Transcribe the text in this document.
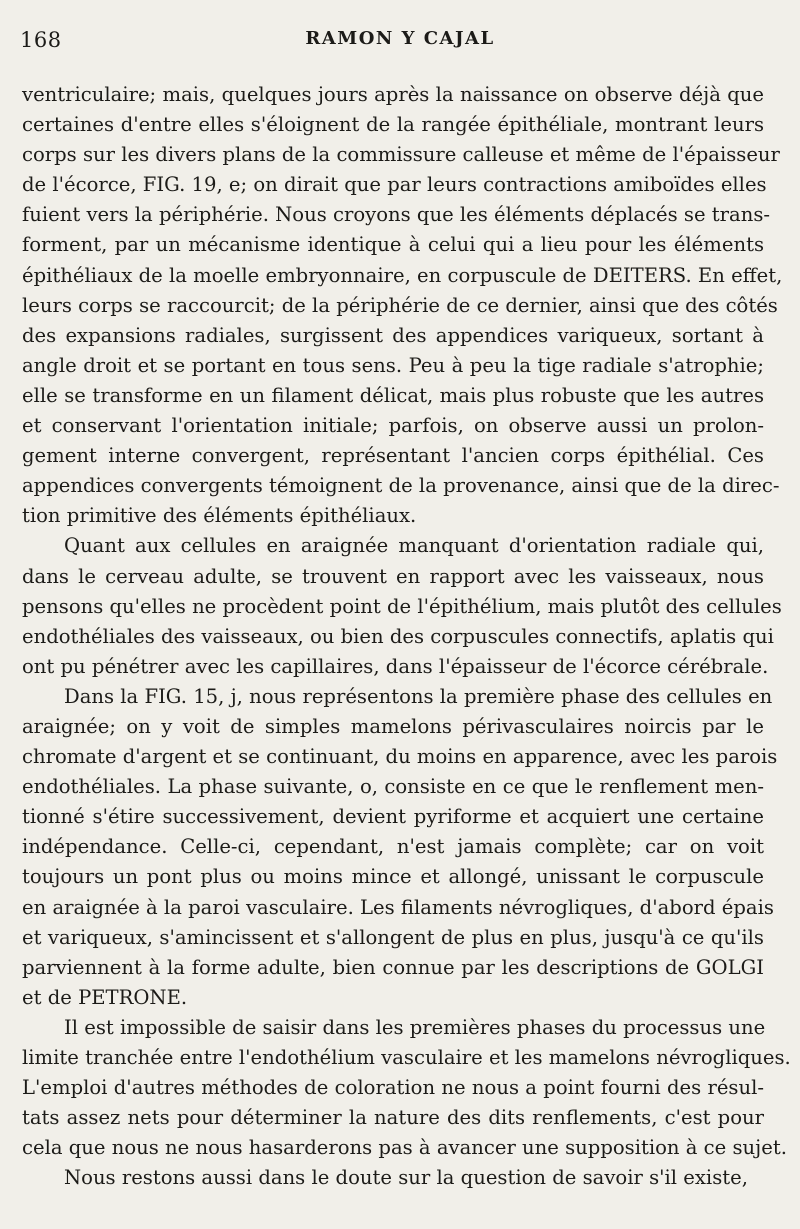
168	RAMON Y CAJAL
ventriculaire; mais, quelques jours après la naissance on observe déjà que
certaines d'entre elles s'éloignent de la rangée épithéliale, montrant leurs
corps sur les divers plans de la commissure calleuse et même de l'épaisseur
de l'écorce, FIG. 19, e; on dirait que par leurs contractions amiboïdes elles
fuient vers la périphérie. Nous croyons que les éléments déplacés se trans-
forment, par un mécanisme identique à celui qui a lieu pour les éléments
épithéliaux de la moelle embryonnaire, en corpuscule de DEITERS. En effet,
leurs corps se raccourcit; de la périphérie de ce dernier, ainsi que des côtés
des expansions radiales, surgissent des appendices variqueux, sortant à
angle droit et se portant en tous sens. Peu à peu la tige radiale s'atrophie;
elle se transforme en un filament délicat, mais plus robuste que les autres
et conservant l'orientation initiale; parfois, on observe aussi un prolon-
gement interne convergent, représentant l'ancien corps épithélial. Ces
appendices convergents témoignent de la provenance, ainsi que de la direc-
tion primitive des éléments épithéliaux.
Quant aux cellules en araignée manquant d'orientation radiale qui,
dans le cerveau adulte, se trouvent en rapport avec les vaisseaux, nous
pensons qu'elles ne procèdent point de l'épithélium, mais plutôt des cellules
endothéliales des vaisseaux, ou bien des corpuscules connectifs, aplatis qui
ont pu pénétrer avec les capillaires, dans l'épaisseur de l'écorce cérébrale.
Dans la FIG. 15, j, nous représentons la première phase des cellules en
araignée; on y voit de simples mamelons périvasculaires noircis par le
chromate d'argent et se continuant, du moins en apparence, avec les parois
endothéliales. La phase suivante, o, consiste en ce que le renflement men-
tionné s'étire successivement, devient pyriforme et acquiert une certaine
indépendance. Celle-ci, cependant, n'est jamais complète; car on voit
toujours un pont plus ou moins mince et allongé, unissant le corpuscule
en araignée à la paroi vasculaire. Les filaments névrogliques, d'abord épais
et variqueux, s'amincissent et s'allongent de plus en plus, jusqu'à ce qu'ils
parviennent à la forme adulte, bien connue par les descriptions de GOLGI
et de PETRONE.
Il est impossible de saisir dans les premières phases du processus une
limite tranchée entre l'endothélium vasculaire et les mamelons névrogliques.
L'emploi d'autres méthodes de coloration ne nous a point fourni des résul-
tats assez nets pour déterminer la nature des dits renflements, c'est pour
cela que nous ne nous hasarderons pas à avancer une supposition à ce sujet.
Nous restons aussi dans le doute sur la question de savoir s'il existe,
